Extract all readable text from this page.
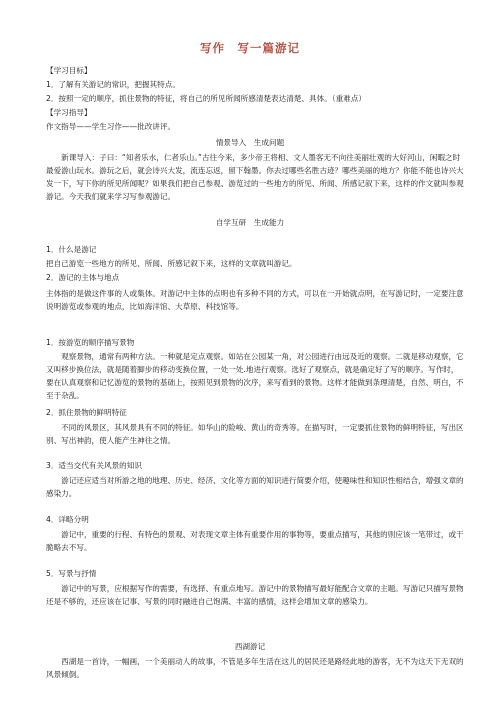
写作　写一篇游记
【学习目标】
1．了解有关游记的常识，把握其特点。
2．按照一定的顺序，抓住景物的特征，将自己的所见所闻所感清楚表达清楚、具体。（重难点）
【学习指导】
作文指导——学生习作——批改讲评。
情景导入　生成问题
　　新课导入：子曰：“知者乐水，仁者乐山。”古往今来，多少帝王将相、文人墨客无不向往美丽壮观的大好河山，闲暇之时最爱游山玩水。游玩之后，就会诗兴大发，流连忘返，留下翰墨。你去过哪些名胜古迹？哪些美丽的地方？你能不能也诗兴大发一下，写下你的所见所闻呢？如果我们把自己参观、游览过的一些地方的所见、所闻、所感记叙下来，这样的作文就叫参观游记。今天我们就来学习写参观游记。
自学互研　生成能力
1．什么是游记
把自己游览一些地方的所见、所闻、所感记叙下来，这样的文章就叫游记。
2．游记的主体与地点
主体指的是做这件事的人或集体。对游记中主体的点明也有多种不同的方式，可以在一开始就点明，在写游记时，一定要注意说明游览或参观的地点，比如海洋馆、大草原、科技馆等。
1．按游览的顺序描写景物
　　观察景物，通常有两种方法。一种就是定点观察。如站在公园某一角，对公园进行由远及近的观察。二就是移动观察，它又叫移步换位法，就是随着脚步的移动变换位置，一处一处.地进行观察。选好了观察点，就是确定好了写的顺序。写作时，要在认真观察和记忆游览的景物的基础上，按照见到景物的次序，来写看到的景物。这样才能做到条理清楚，自然、明白，不至于杂乱。
2．抓住景物的鲜明特征
　　不同的风景区，其风景具有不同的特征。如华山的险峻、黄山的奇秀等。在描写时，一定要抓住景物的鲜明特征，写出区别、写出神韵，使人能产生神往之情。
3．适当交代有关风景的知识
　　游记还应适当对所游之地的地理、历史、经济、文化等方面的知识进行简要介绍，使趣味性和知识性相结合，增强文章的感染力。
4．详略分明
　　游记中，重要的行程、有特色的景观、对表现文章主体有重要作用的事物等，要重点描写，其他的则应该一笔带过，或干脆略去不写。
5．写景与抒情
　　游记中的写景，应根据写作的需要，有选择、有重点地写。游记中的景物描写最好能配合文章的主题。写游记只描写景物还是不够的，还应该在记事、写景的同时融进自己饱满、丰富的感情，这样会增加文章的感染力。
西湖游记
　　西湖是一首诗，一幅画，一个美丽动人的故事，不管是多年生活在这儿的居民还是路经此地的游客，无不为这天下无双的风景倾倒。
